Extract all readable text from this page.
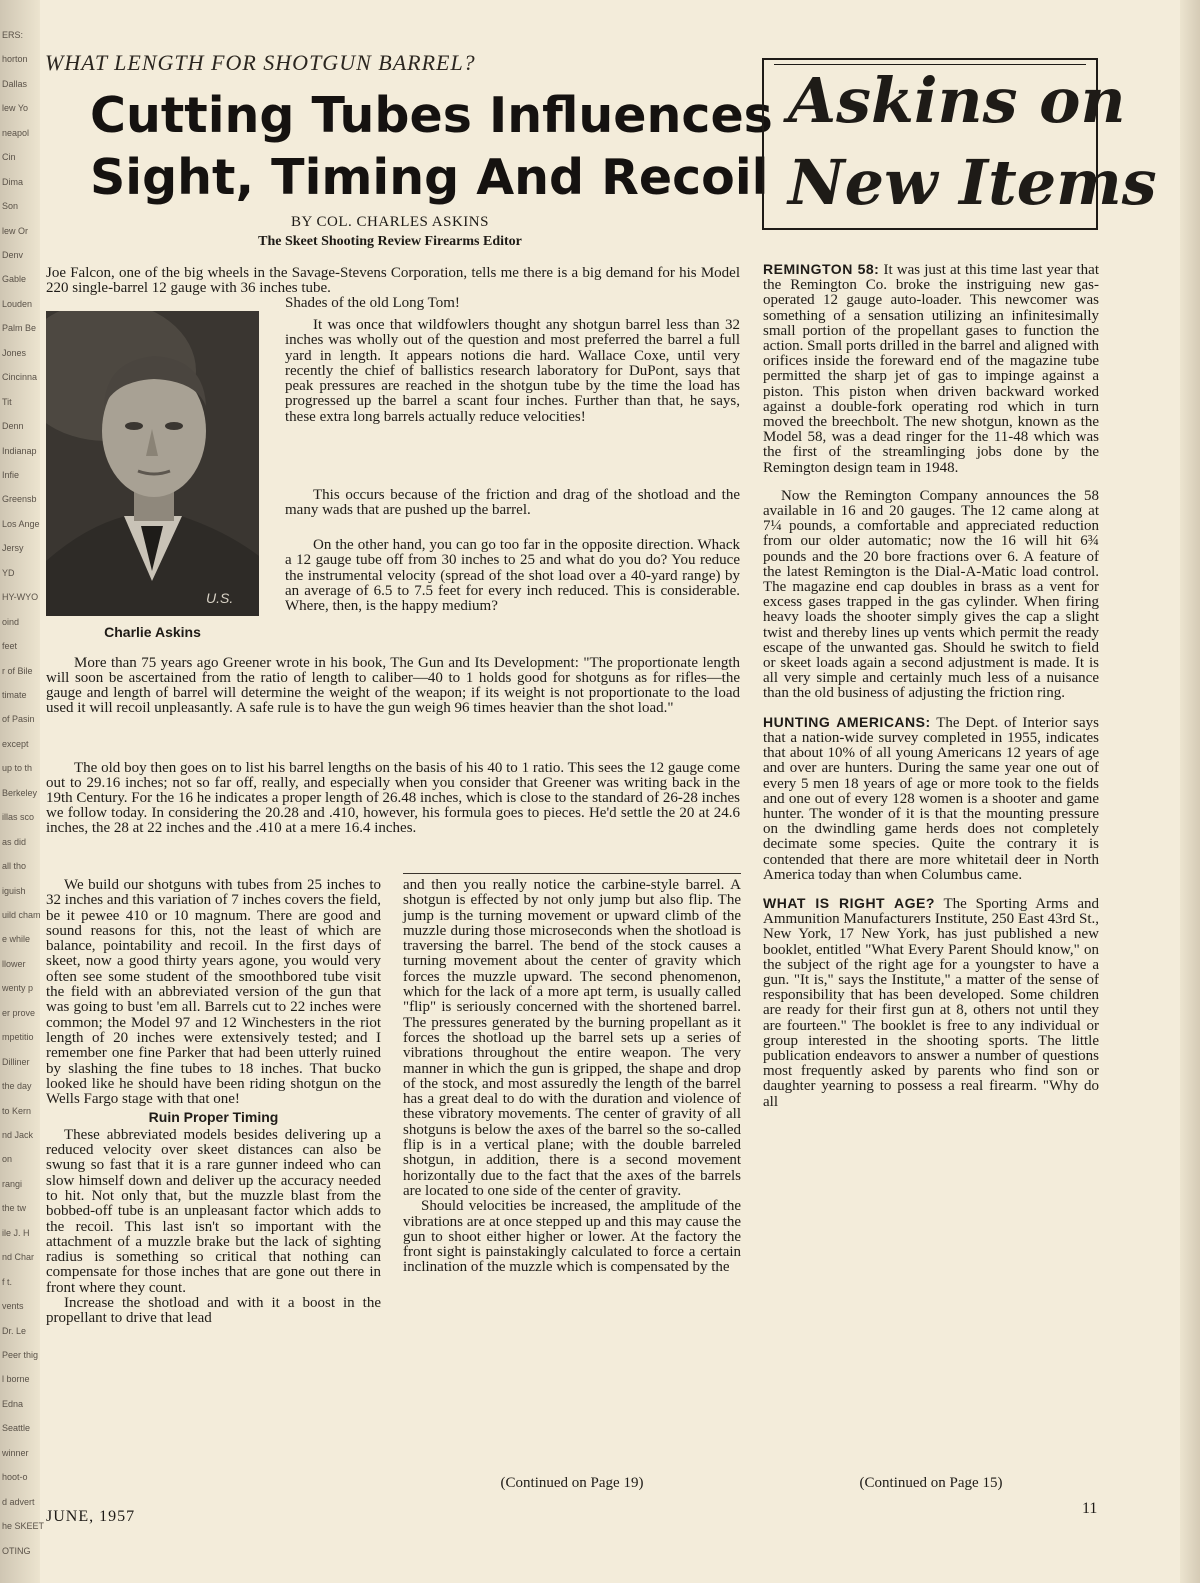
ERS:
horton
Dallas
lew Yo
neapol
Cin
Dima
Son
lew Or
Denv
Gable
Louden
Palm Be
Jones
Cincinna
Tit
Denn
Indianap
Infie
Greensb
Los Ange
Jersy
YD
HY-WYO
oind
feet
r of Bile
timate
of Pasin
except
up to th
Berkeley
illas sco
as did
all tho
iguish
uild cham
e while
llower
wenty p
er prove
mpetitio
Dilliner
the day
to Kern
nd Jack
on
rangi
the tw
ile J. H
nd Char
f t.
vents
Dr. Le
Peer thig
l borne
Edna
Seattle
winner
hoot-o
d advert
he SKEET
OTING
WHAT LENGTH FOR SHOTGUN BARREL?
Cutting Tubes Influences
Sight, Timing And Recoil
BY COL. CHARLES ASKINS
The Skeet Shooting Review Firearms Editor

Joe Falcon, one of the big wheels in the Savage-Stevens Corporation, tells me there is a big demand for his Model 220 single-barrel 12 gauge with 36 inches tube.

Shades of the old Long Tom!

U.S.
Charlie Askins

It was once that wildfowlers thought any shotgun barrel less than 32 inches was wholly out of the question and most preferred the barrel a full yard in length. It appears notions die hard. Wallace Coxe, until very recently the chief of ballistics research laboratory for DuPont, says that peak pressures are reached in the shotgun tube by the time the load has progressed up the barrel a scant four inches. Further than that, he says, these extra long barrels actually reduce velocities!

This occurs because of the friction and drag of the shotload and the many wads that are pushed up the barrel.

On the other hand, you can go too far in the opposite direction. Whack a 12 gauge tube off from 30 inches to 25 and what do you do? You reduce the instrumental velocity (spread of the shot load over a 40-yard range) by an average of 6.5 to 7.5 feet for every inch reduced. This is considerable. Where, then, is the happy medium?

More than 75 years ago Greener wrote in his book, The Gun and Its Development: "The proportionate length will soon be ascertained from the ratio of length to caliber—40 to 1 holds good for shotguns as for rifles—the gauge and length of barrel will determine the weight of the weapon; if its weight is not proportionate to the load used it will recoil unpleasantly. A safe rule is to have the gun weigh 96 times heavier than the shot load."

The old boy then goes on to list his barrel lengths on the basis of his 40 to 1 ratio. This sees the 12 gauge come out to 29.16 inches; not so far off, really, and especially when you consider that Greener was writing back in the 19th Century. For the 16 he indicates a proper length of 26.48 inches, which is close to the standard of 26-28 inches we follow today. In considering the 20.28 and .410, however, his formula goes to pieces. He'd settle the 20 at 24.6 inches, the 28 at 22 inches and the .410 at a mere 16.4 inches.

We build our shotguns with tubes from 25 inches to 32 inches and this variation of 7 inches covers the field, be it pewee 410 or 10 magnum. There are good and sound reasons for this, not the least of which are balance, pointability and recoil. In the first days of skeet, now a good thirty years agone, you would very often see some student of the smoothbored tube visit the field with an abbreviated version of the gun that was going to bust 'em all. Barrels cut to 22 inches were common; the Model 97 and 12 Winchesters in the riot length of 20 inches were extensively tested; and I remember one fine Parker that had been utterly ruined by slashing the fine tubes to 18 inches. That bucko looked like he should have been riding shotgun on the Wells Fargo stage with that one!

Ruin Proper Timing

These abbreviated models besides delivering up a reduced velocity over skeet distances can also be swung so fast that it is a rare gunner indeed who can slow himself down and deliver up the accuracy needed to hit. Not only that, but the muzzle blast from the bobbed-off tube is an unpleasant factor which adds to the recoil. This last isn't so important with the attachment of a muzzle brake but the lack of sighting radius is something so critical that nothing can compensate for those inches that are gone out there in front where they count.

Increase the shotload and with it a boost in the propellant to drive that lead

and then you really notice the carbine-style barrel. A shotgun is effected by not only jump but also flip. The jump is the turning movement or upward climb of the muzzle during those microseconds when the shotload is traversing the barrel. The bend of the stock causes a turning movement about the center of gravity which forces the muzzle upward. The second phenomenon, which for the lack of a more apt term, is usually called "flip" is seriously concerned with the shortened barrel. The pressures generated by the burning propellant as it forces the shotload up the barrel sets up a series of vibrations throughout the entire weapon. The very manner in which the gun is gripped, the shape and drop of the stock, and most assuredly the length of the barrel has a great deal to do with the duration and violence of these vibratory movements. The center of gravity of all shotguns is below the axes of the barrel so the so-called flip is in a vertical plane; with the double barreled shotgun, in addition, there is a second movement horizontally due to the fact that the axes of the barrels are located to one side of the center of gravity.

Should velocities be increased, the amplitude of the vibrations are at once stepped up and this may cause the gun to shoot either higher or lower. At the factory the front sight is painstakingly calculated to force a certain inclination of the muzzle which is compensated by the

(Continued on Page 19)
JUNE, 1957
Askins on
New Items

REMINGTON 58: It was just at this time last year that the Remington Co. broke the instriguing new gas-operated 12 gauge auto-loader. This newcomer was something of a sensation utilizing an infinitesimally small portion of the propellant gases to function the action. Small ports drilled in the barrel and aligned with orifices inside the foreward end of the magazine tube permitted the sharp jet of gas to impinge against a piston. This piston when driven backward worked against a double-fork operating rod which in turn moved the breechbolt. The new shotgun, known as the Model 58, was a dead ringer for the 11-48 which was the first of the streamlinging jobs done by the Remington design team in 1948.

Now the Remington Company announces the 58 available in 16 and 20 gauges. The 12 came along at 7¼ pounds, a comfortable and appreciated reduction from our older automatic; now the 16 will hit 6¾ pounds and the 20 bore fractions over 6. A feature of the latest Remington is the Dial-A-Matic load control. The magazine end cap doubles in brass as a vent for excess gases trapped in the gas cylinder. When firing heavy loads the shooter simply gives the cap a slight twist and thereby lines up vents which permit the ready escape of the unwanted gas. Should he switch to field or skeet loads again a second adjustment is made. It is all very simple and certainly much less of a nuisance than the old business of adjusting the friction ring.

HUNTING AMERICANS: The Dept. of Interior says that a nation-wide survey completed in 1955, indicates that about 10% of all young Americans 12 years of age and over are hunters. During the same year one out of every 5 men 18 years of age or more took to the fields and one out of every 128 women is a shooter and game hunter. The wonder of it is that the mounting pressure on the dwindling game herds does not completely decimate some species. Quite the contrary it is contended that there are more whitetail deer in North America today than when Columbus came.

WHAT IS RIGHT AGE? The Sporting Arms and Ammunition Manufacturers Institute, 250 East 43rd St., New York, 17 New York, has just published a new booklet, entitled "What Every Parent Should know," on the subject of the right age for a youngster to have a gun. "It is," says the Institute," a matter of the sense of responsibility that has been developed. Some children are ready for their first gun at 8, others not until they are fourteen." The booklet is free to any individual or group interested in the shooting sports. The little publication endeavors to answer a number of questions most frequently asked by parents who find son or daughter yearning to possess a real firearm. "Why do all

(Continued on Page 15)
11
